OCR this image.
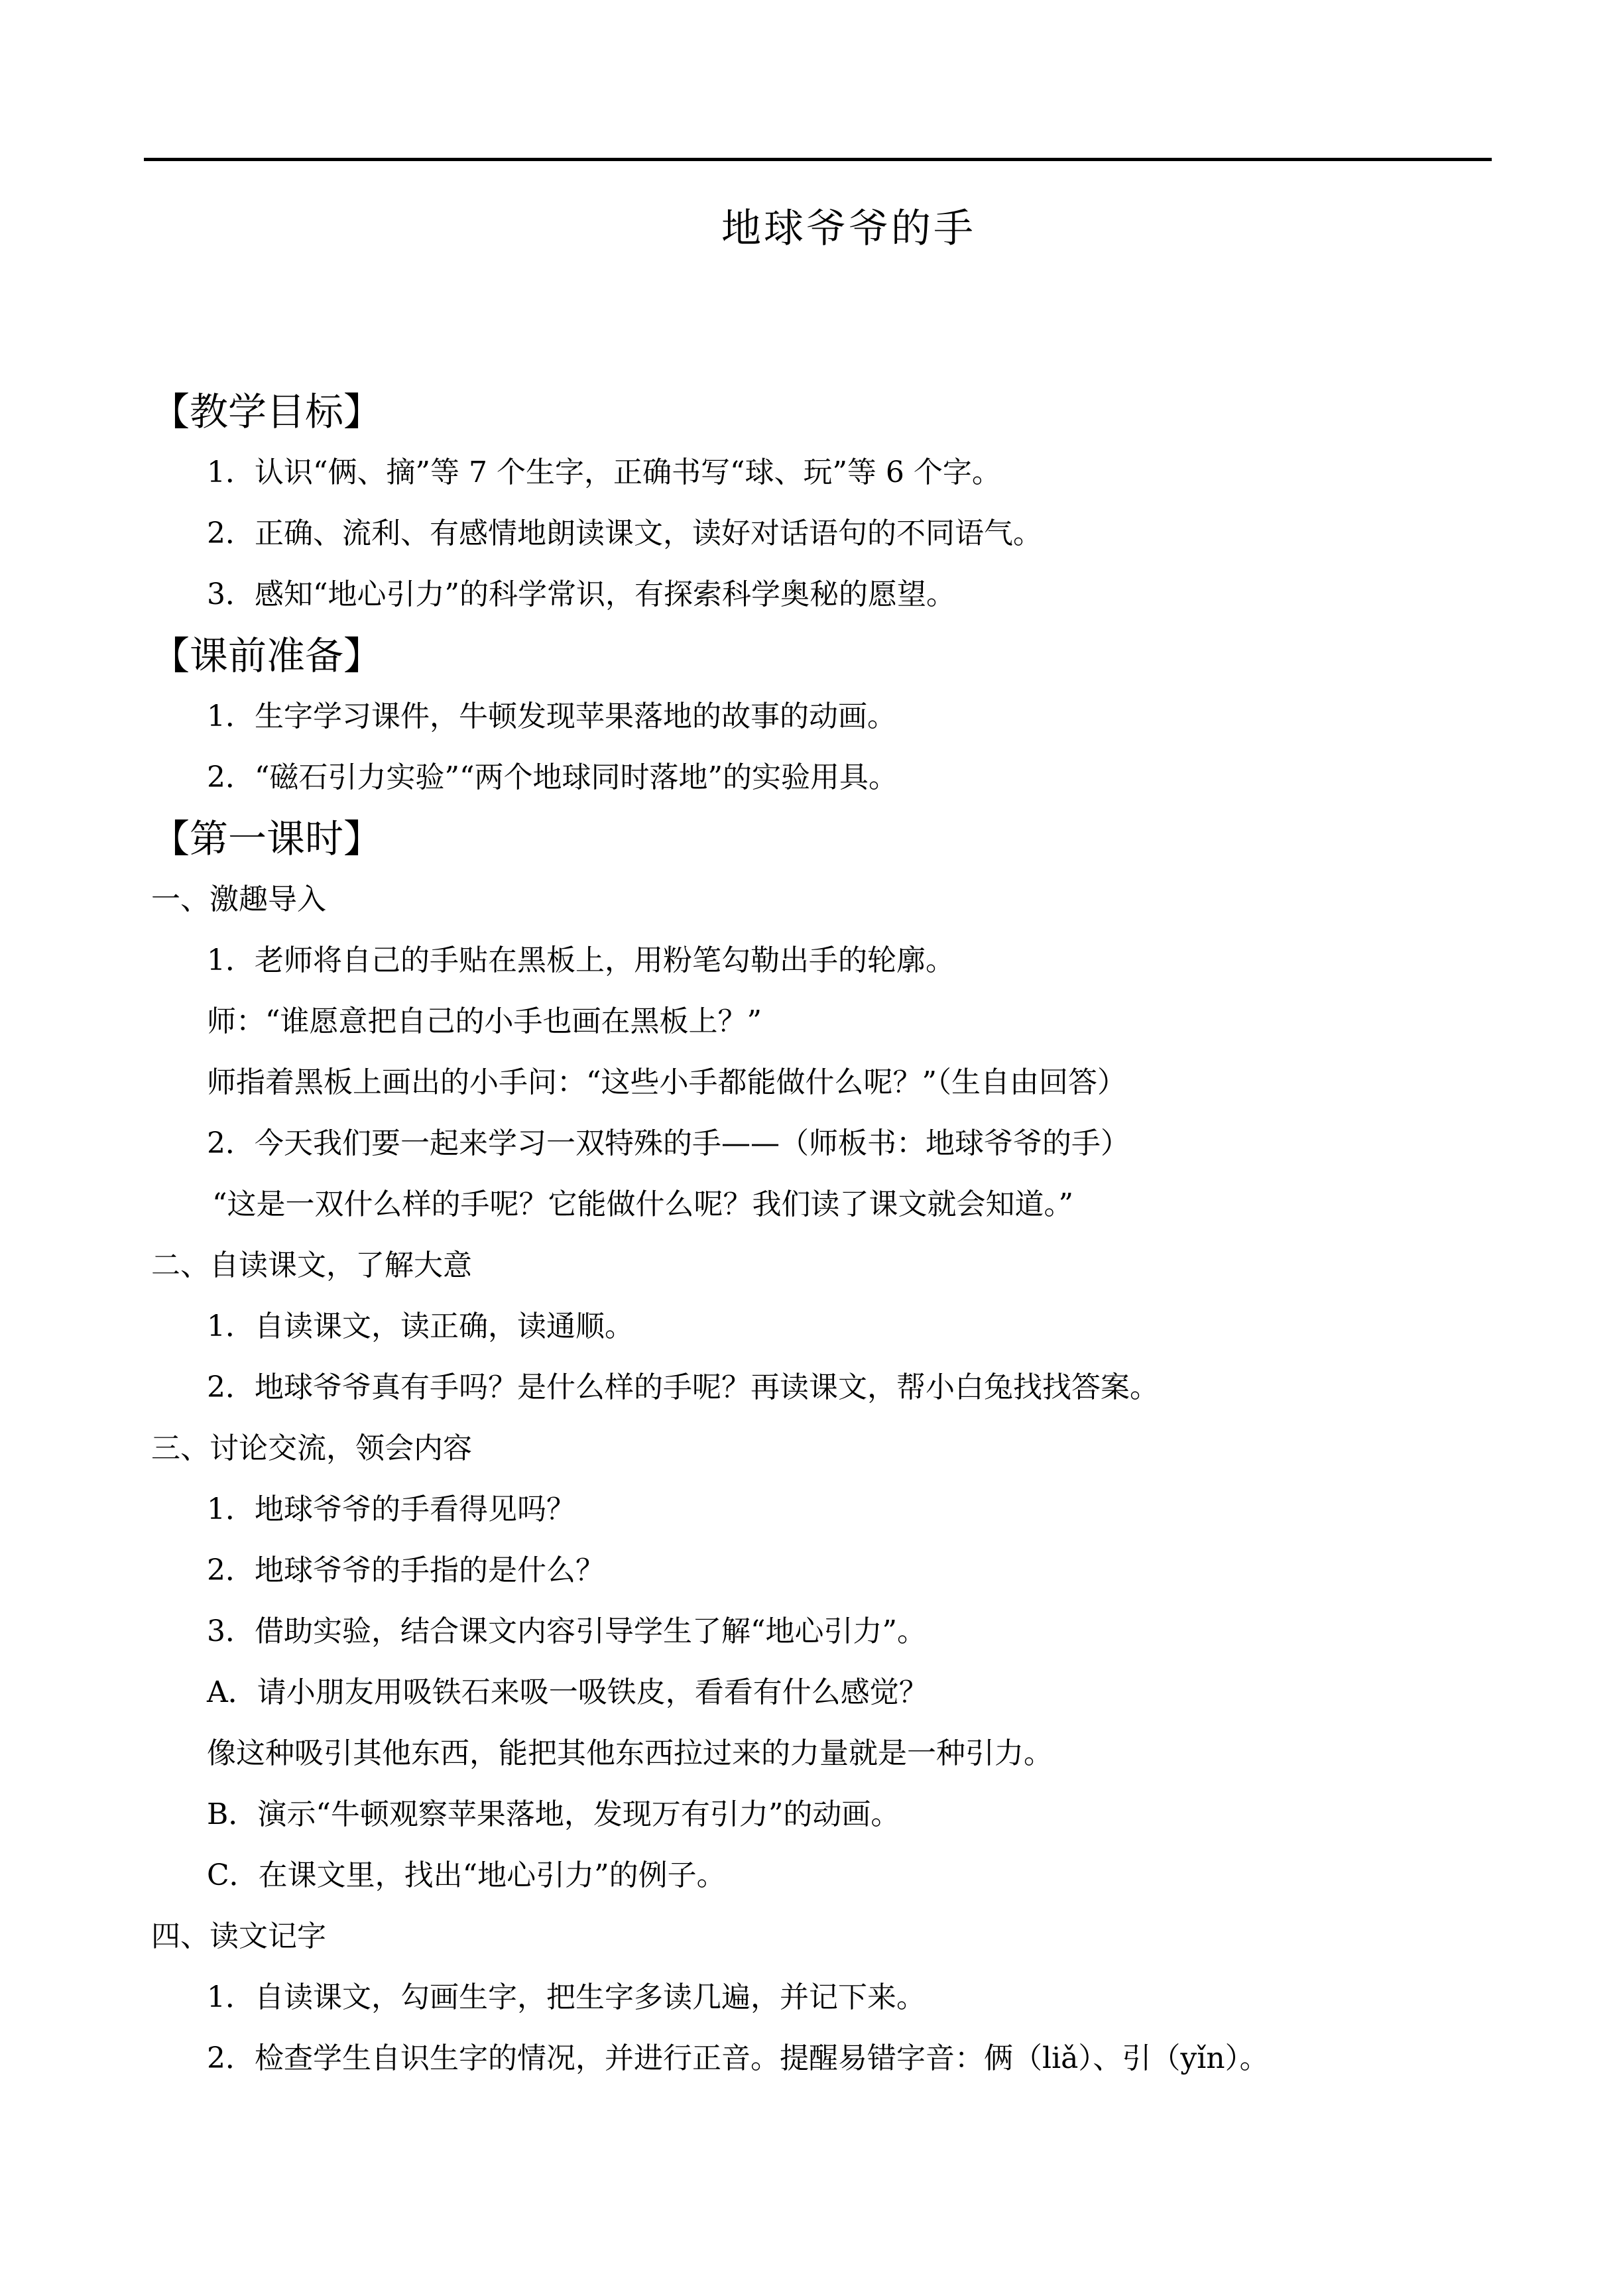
地球爷爷的手
【教学目标】
1．认识“俩、摘”等 7 个生字，正确书写“球、玩”等 6 个字。
2．正确、流利、有感情地朗读课文，读好对话语句的不同语气。
3．感知“地心引力”的科学常识，有探索科学奥秘的愿望。
【课前准备】
1．生字学习课件，牛顿发现苹果落地的故事的动画。
2．“磁石引力实验”“两个地球同时落地”的实验用具。
【第一课时】
一、激趣导入
1．老师将自己的手贴在黑板上，用粉笔勾勒出手的轮廓。
师：“谁愿意把自己的小手也画在黑板上？”
师指着黑板上画出的小手问：“这些小手都能做什么呢？”（生自由回答）
2．今天我们要一起来学习一双特殊的手——（师板书：地球爷爷的手）
“这是一双什么样的手呢？它能做什么呢？我们读了课文就会知道。”
二、自读课文，了解大意
1．自读课文，读正确，读通顺。
2．地球爷爷真有手吗？是什么样的手呢？再读课文，帮小白兔找找答案。
三、讨论交流，领会内容
1．地球爷爷的手看得见吗？
2．地球爷爷的手指的是什么？
3．借助实验，结合课文内容引导学生了解“地心引力”。
A．请小朋友用吸铁石来吸一吸铁皮，看看有什么感觉？
像这种吸引其他东西，能把其他东西拉过来的力量就是一种引力。
B．演示“牛顿观察苹果落地，发现万有引力”的动画。
C．在课文里，找出“地心引力”的例子。
四、读文记字
1．自读课文，勾画生字，把生字多读几遍，并记下来。
2．检查学生自识生字的情况，并进行正音。提醒易错字音：俩（liǎ）、引（yǐn）。
